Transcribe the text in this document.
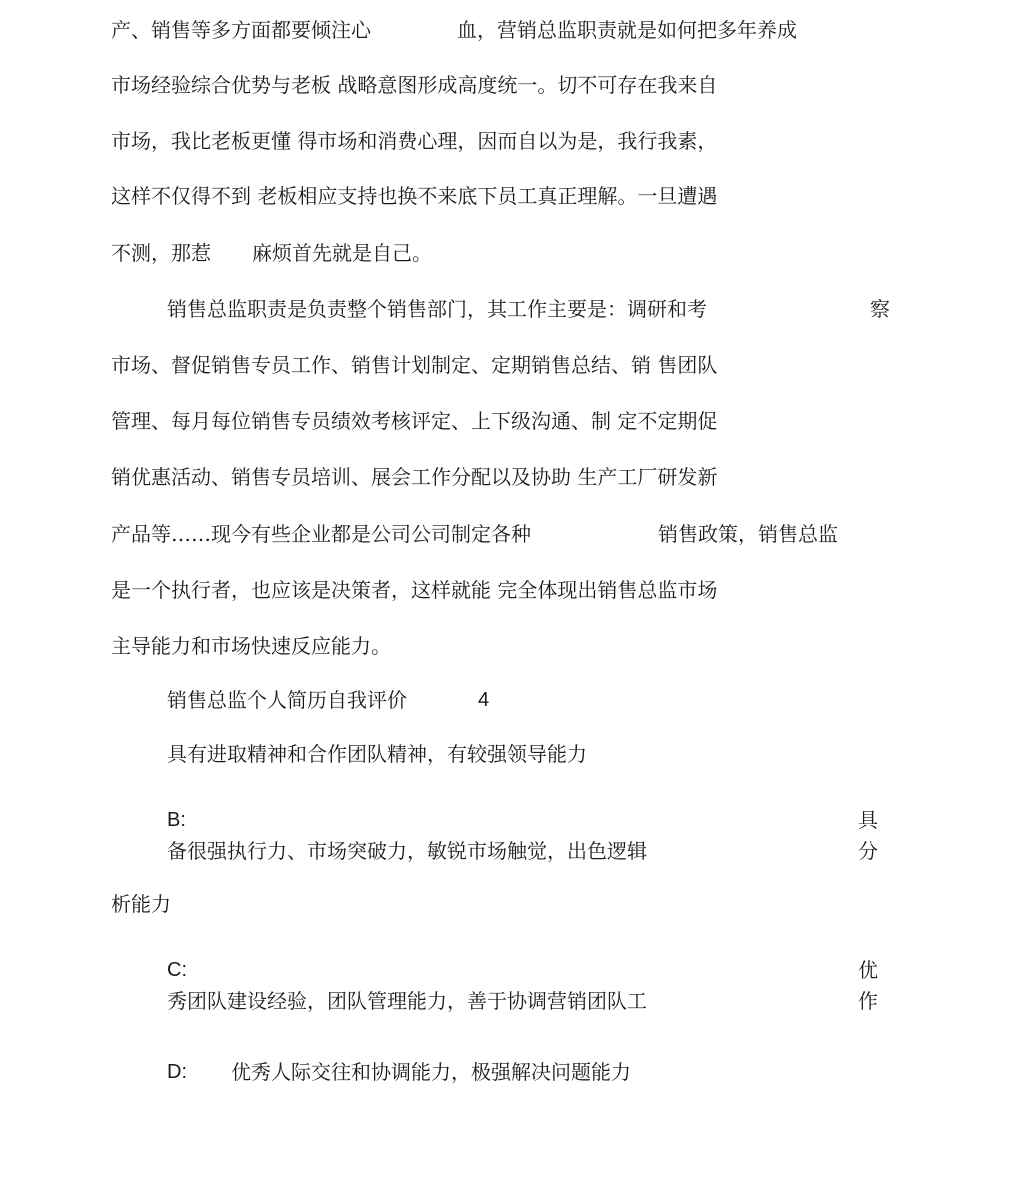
产、销售等多方面都要倾注心	血，营销总监职责就是如何把多年养成

市场经验综合优势与老板 战略意图形成高度统一。切不可存在我来自

市场，我比老板更懂 得市场和消费心理，因而自以为是，我行我素，

这样不仅得不到 老板相应支持也换不来底下员工真正理解。一旦遭遇

不测，那惹 麻烦首先就是自己。

销售总监职责是负责整个销售部门，其工作主要是：调研和考	察

市场、督促销售专员工作、销售计划制定、定期销售总结、销 售团队

管理、每月每位销售专员绩效考核评定、上下级沟通、制 定不定期促

销优惠活动、销售专员培训、展会工作分配以及协助 生产工厂研发新

产品等……现今有些企业都是公司公司制定各种	销售政策，销售总监

是一个执行者，也应该是决策者，这样就能 完全体现出销售总监市场

主导能力和市场快速反应能力。

销售总监个人简历自我评价	4

具有进取精神和合作团队精神，有较强领导能力

B:	具

备很强执行力、市场突破力，敏锐市场触觉，出色逻辑	分

析能力

C:	优

秀团队建设经验，团队管理能力，善于协调营销团队工	作

D: 优秀人际交往和协调能力，极强解决问题能力
